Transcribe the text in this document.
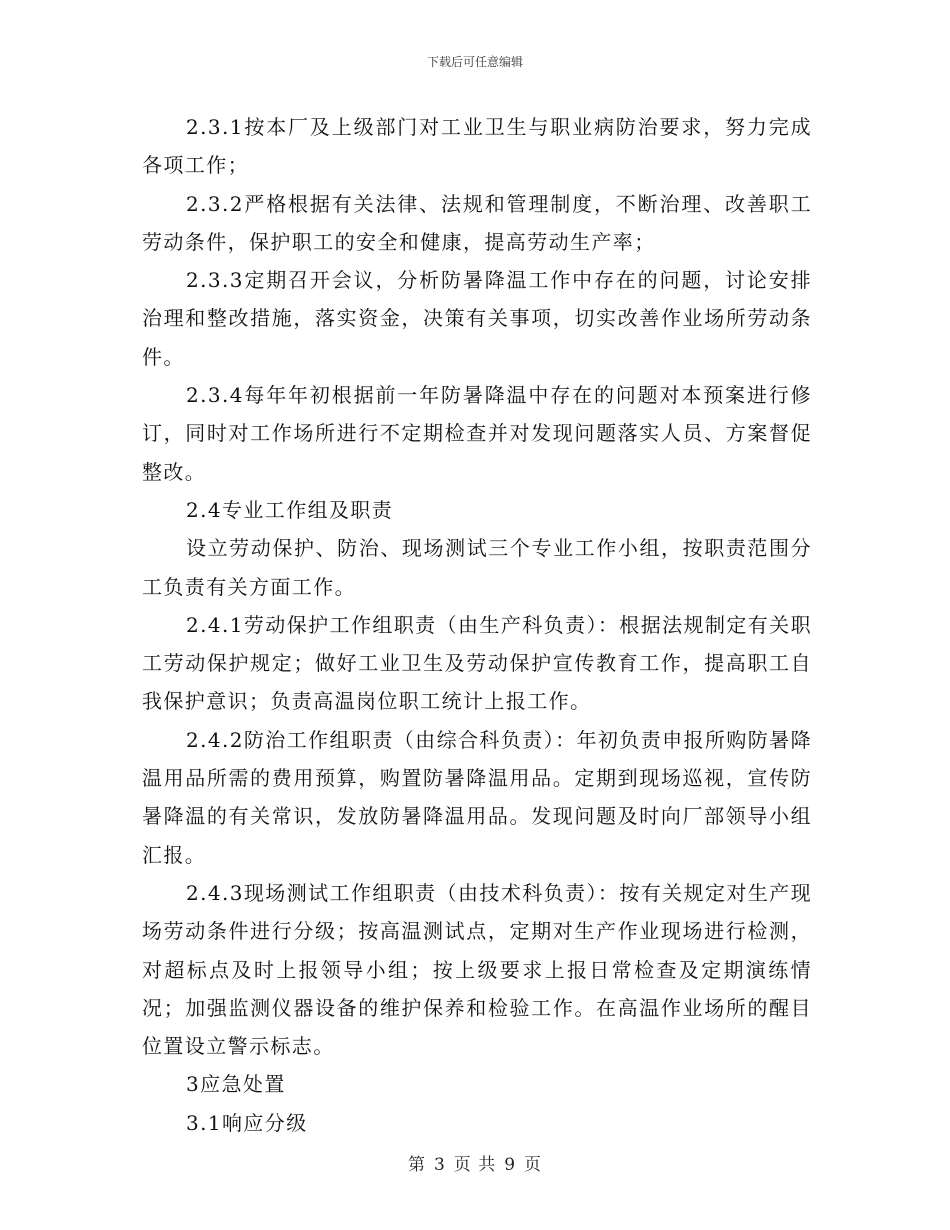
下载后可任意编辑

2.3.1按本厂及上级部门对工业卫生与职业病防治要求，努力完成各项工作；

2.3.2严格根据有关法律、法规和管理制度，不断治理、改善职工劳动条件，保护职工的安全和健康，提高劳动生产率；

2.3.3定期召开会议，分析防暑降温工作中存在的问题，讨论安排治理和整改措施，落实资金，决策有关事项，切实改善作业场所劳动条件。

2.3.4每年年初根据前一年防暑降温中存在的问题对本预案进行修订，同时对工作场所进行不定期检查并对发现问题落实人员、方案督促整改。

2.4专业工作组及职责

设立劳动保护、防治、现场测试三个专业工作小组，按职责范围分工负责有关方面工作。

2.4.1劳动保护工作组职责（由生产科负责）：根据法规制定有关职工劳动保护规定；做好工业卫生及劳动保护宣传教育工作，提高职工自我保护意识；负责高温岗位职工统计上报工作。

2.4.2防治工作组职责（由综合科负责）：年初负责申报所购防暑降温用品所需的费用预算，购置防暑降温用品。定期到现场巡视，宣传防暑降温的有关常识，发放防暑降温用品。发现问题及时向厂部领导小组汇报。

2.4.3现场测试工作组职责（由技术科负责）：按有关规定对生产现场劳动条件进行分级；按高温测试点，定期对生产作业现场进行检测，对超标点及时上报领导小组；按上级要求上报日常检查及定期演练情况；加强监测仪器设备的维护保养和检验工作。在高温作业场所的醒目位置设立警示标志。

3应急处置

3.1响应分级

第 3 页 共 9 页
